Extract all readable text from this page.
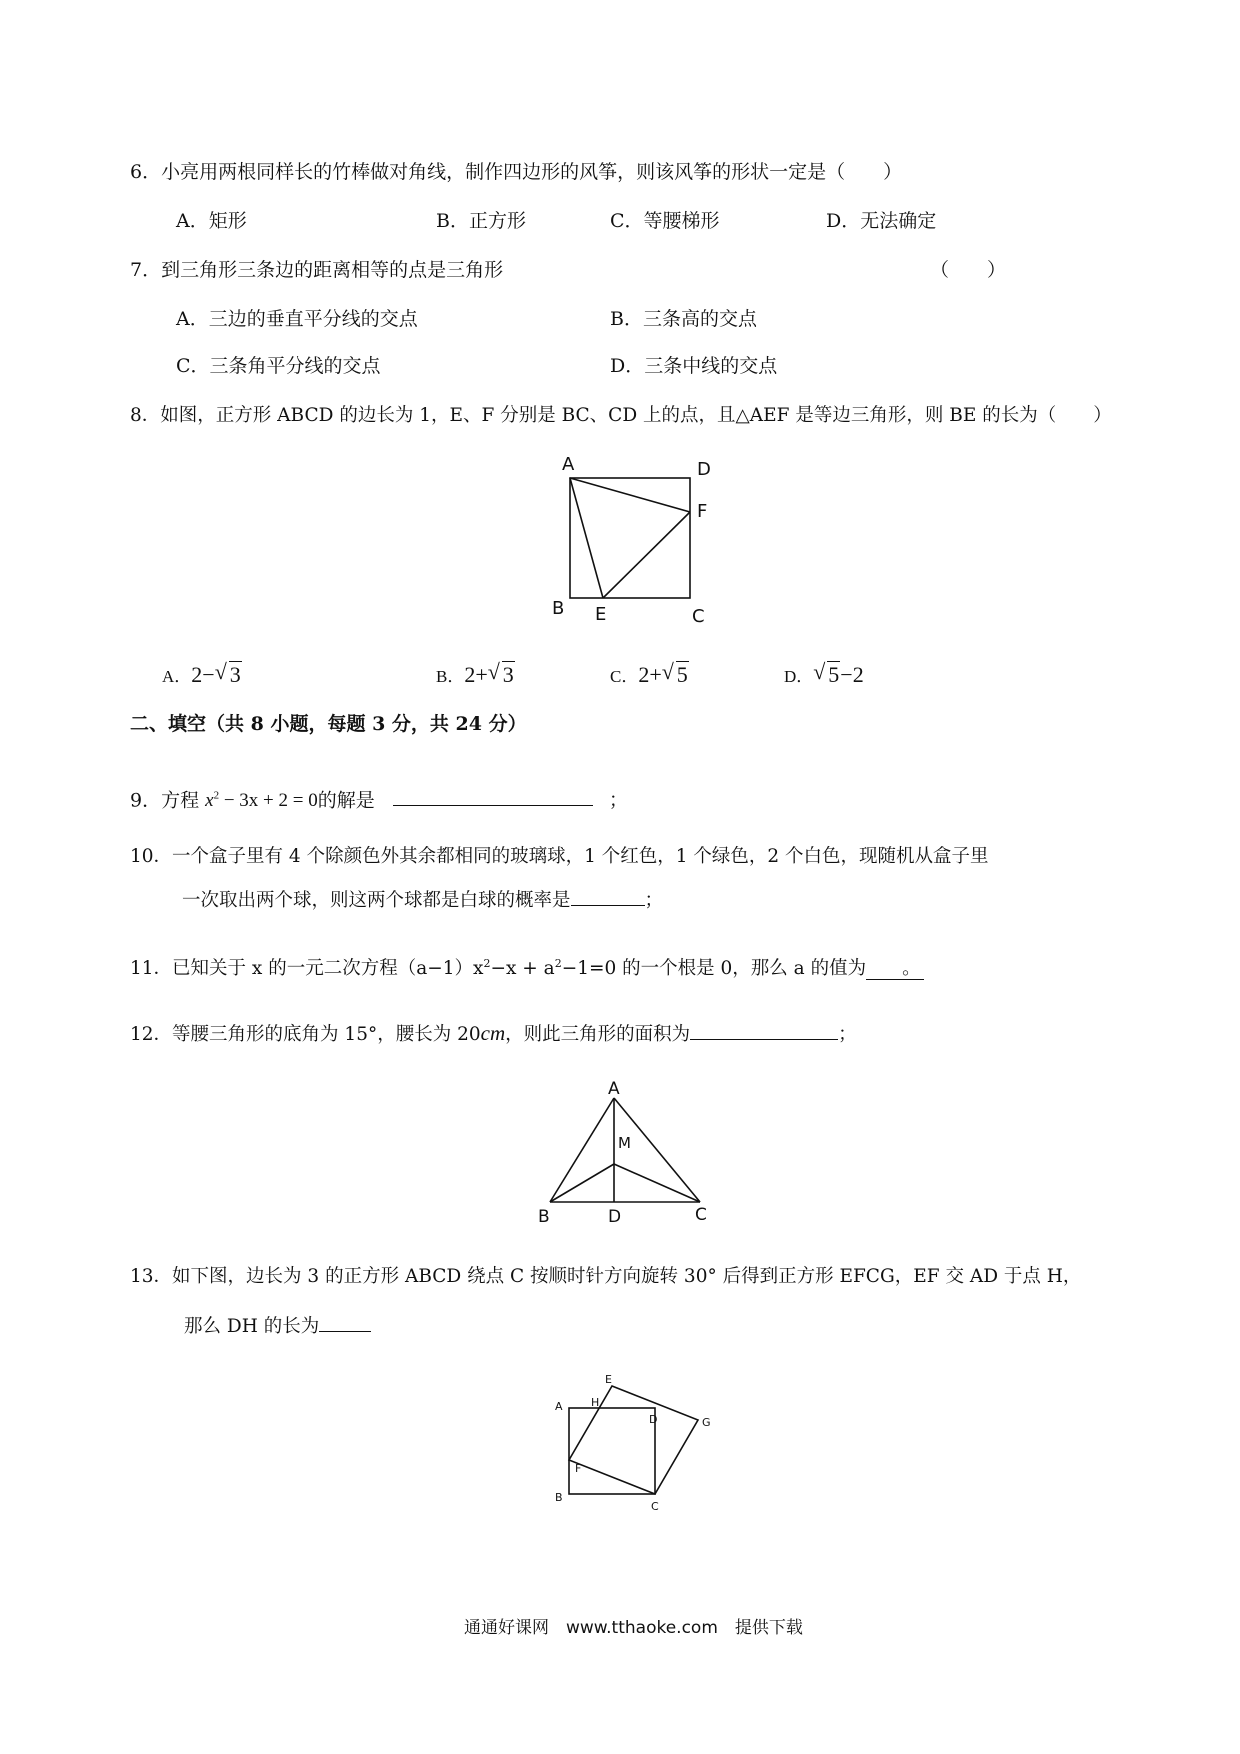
6．小亮用两根同样长的竹棒做对角线，制作四边形的风筝，则该风筝的形状一定是（　　）
A．矩形	B．正方形	C．等腰梯形	D．无法确定
7．到三角形三条边的距离相等的点是三角形	（　　）
A．三边的垂直平分线的交点	B．三条高的交点
C．三条角平分线的交点	D．三条中线的交点
8．如图，正方形 ABCD 的边长为 1，E、F 分别是 BC、CD 上的点，且△AEF 是等边三角形，则 BE 的长为（　　）
A	D
F
B E	C
A．2− √ 3	B．2+ √ 3	C．2+ √ 5	D． √ 5−2
二、填空（共 8 小题，每题 3 分，共 24 分）
9．方程 $x^2 - 3x + 2 = 0$的解是	；
10．一个盒子里有 4 个除颜色外其余都相同的玻璃球，1 个红色，1 个绿色，2 个白色，现随机从盒子里
一次取出两个球，则这两个球都是白球的概率是	；
11．已知关于 x 的一元二次方程$(a-1)x^2-x + a^2-1=0$ 的一个根是 0，那么 a 的值为 。
12．等腰三角形的底角为 15°，腰长为 20cm，则此三角形的面积为	；
A
M
B	D	C
13．如下图，边长为 3 的正方形 ABCD 绕点 C 按顺时针方向旋转 30° 后得到正方形 EFCG，EF 交 AD 于点 H，
那么 DH 的长为
A	H
E
D	G
F
B
C
通通好课网　www.tthaoke.com　提供下载
